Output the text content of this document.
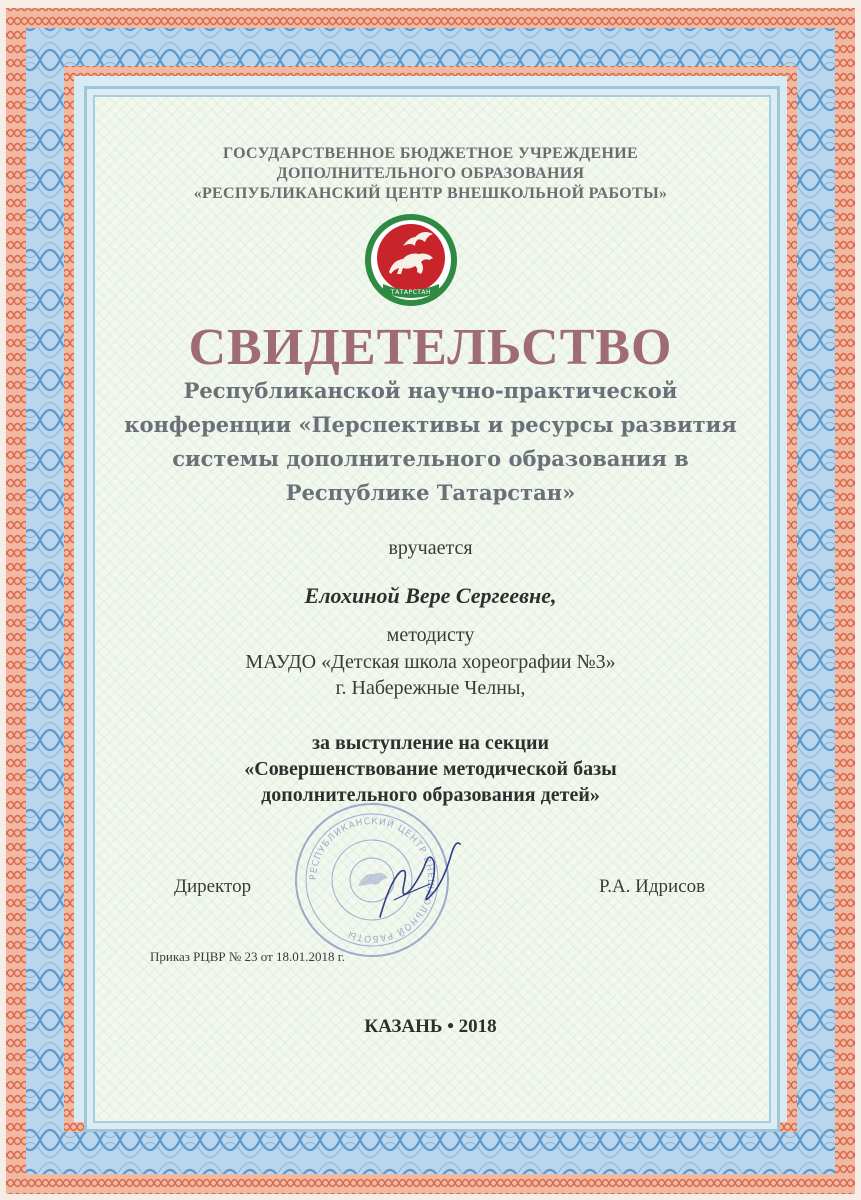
ГОСУДАРСТВЕННОЕ БЮДЖЕТНОЕ УЧРЕЖДЕНИЕ
ДОПОЛНИТЕЛЬНОГО ОБРАЗОВАНИЯ
«РЕСПУБЛИКАНСКИЙ ЦЕНТР ВНЕШКОЛЬНОЙ РАБОТЫ»
ТАТАРСТАН
СВИДЕТЕЛЬСТВО
Республиканской научно-практической
конференции «Перспективы и ресурсы развития
системы дополнительного образования в
Республике Татарстан»
вручается
Елохиной Вере Сергеевне,
методисту
МАУДО «Детская школа хореографии №3»
г. Набережные Челны,
за выступление на секции
«Совершенствование методической базы
дополнительного образования детей»
РЕСПУБЛИКАНСКИЙ ЦЕНТР ВНЕШКОЛЬНОЙ РАБОТЫ
Директор	Р.А. Идрисов
Приказ РЦВР № 23 от 18.01.2018 г.
КАЗАНЬ • 2018
